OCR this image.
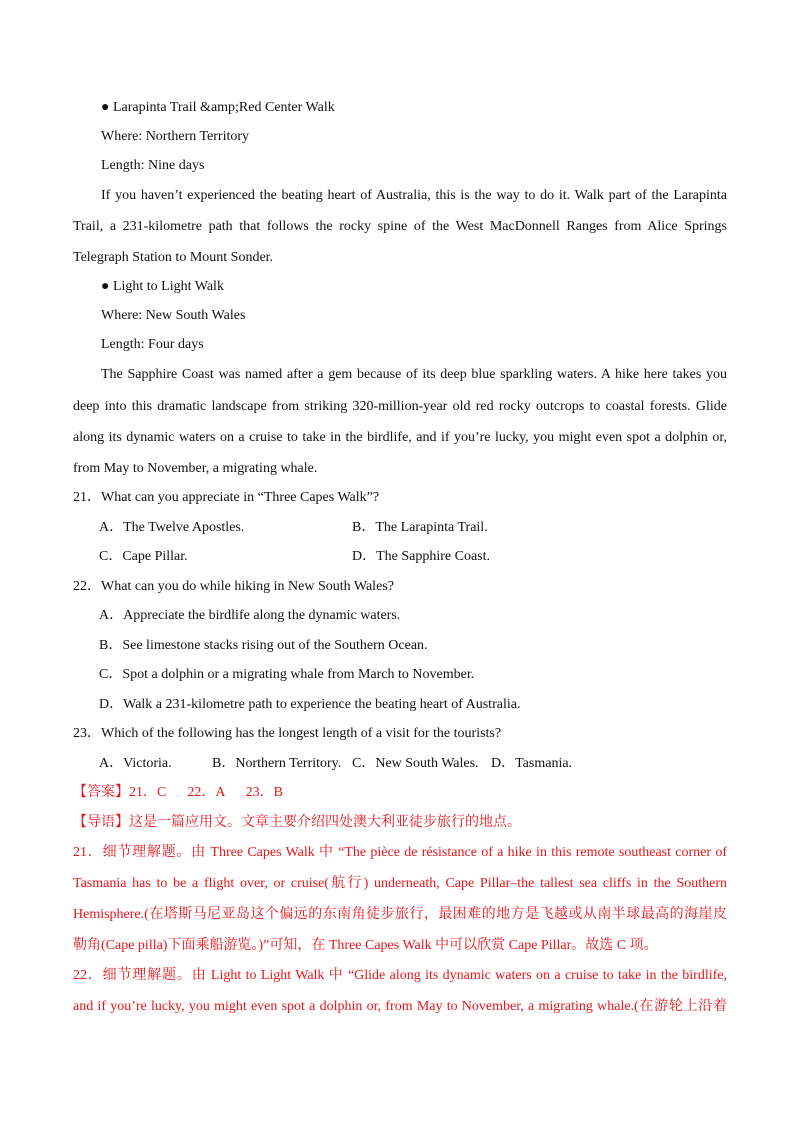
● Larapinta Trail &amp;Red Center Walk
Where: Northern Territory
Length: Nine days
If you haven’t experienced the beating heart of Australia, this is the way to do it. Walk part of the Larapinta
Trail, a 231-kilometre path that follows the rocky spine of the West MacDonnell Ranges from Alice Springs
Telegraph Station to Mount Sonder.
● Light to Light Walk
Where: New South Wales
Length: Four days
The Sapphire Coast was named after a gem because of its deep blue sparkling waters. A hike here takes you
deep into this dramatic landscape from striking 320-million-year old red rocky outcrops to coastal forests. Glide
along its dynamic waters on a cruise to take in the birdlife, and if you’re lucky, you might even spot a dolphin or,
from May to November, a migrating whale.
21．What can you appreciate in “Three Capes Walk”?
A．The Twelve Apostles.	B．The Larapinta Trail.
C．Cape Pillar.	D．The Sapphire Coast.
22．What can you do while hiking in New South Wales?
A．Appreciate the birdlife along the dynamic waters.
B．See limestone stacks rising out of the Southern Ocean.
C．Spot a dolphin or a migrating whale from March to November.
D．Walk a 231-kilometre path to experience the beating heart of Australia.
23．Which of the following has the longest length of a visit for the tourists?
A．Victoria.	B．Northern Territory. C．New South Wales. D．Tasmania.
【答案】21．C      22．A      23．B
【导语】这是一篇应用文。文章主要介绍四处澳大利亚徒步旅行的地点。
21．细节理解题。由 Three Capes Walk 中 “The pièce de résistance of a hike in this remote southeast corner of
Tasmania has to be a flight over, or cruise(航行) underneath, Cape Pillar–the tallest sea cliffs in the Southern
Hemisphere.(在塔斯马尼亚岛这个偏远的东南角徒步旅行，最困难的地方是飞越或从南半球最高的海崖皮
勒角(Cape pilla)下面乘船游览。)”可知，在 Three Capes Walk 中可以欣赏 Cape Pillar。故选 C 项。
22．细节理解题。由 Light to Light Walk 中 “Glide along its dynamic waters on a cruise to take in the birdlife,
and if you’re lucky, you might even spot a dolphin or, from May to November, a migrating whale.(在游轮上沿着
